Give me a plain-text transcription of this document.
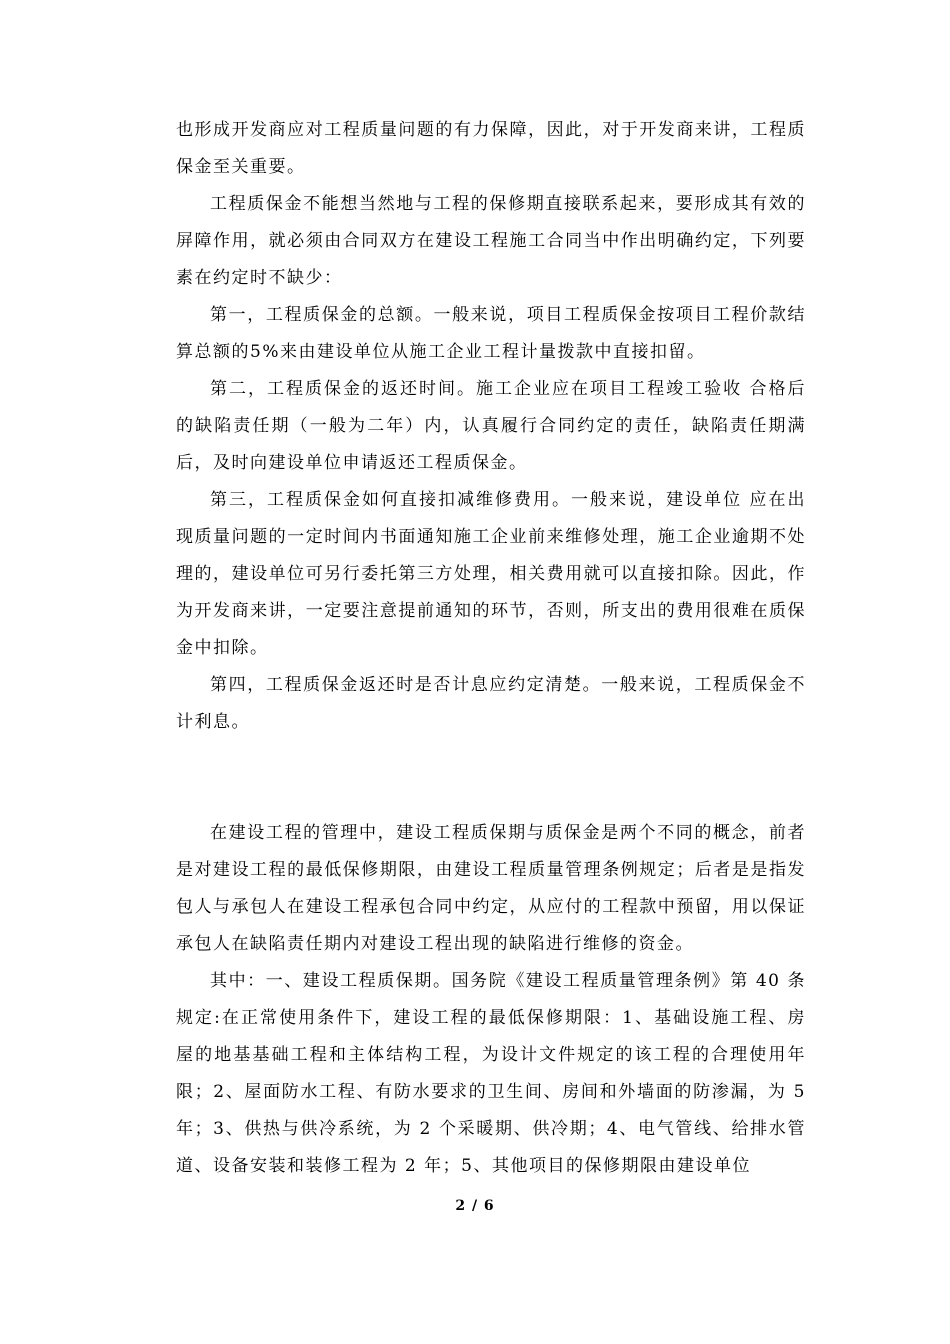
也形成开发商应对工程质量问题的有力保障，因此，对于开发商来讲，工程质保金至关重要。

工程质保金不能想当然地与工程的保修期直接联系起来，要形成其有效的屏障作用，就必须由合同双方在建设工程施工合同当中作出明确约定，下列要素在约定时不缺少：

第一，工程质保金的总额。一般来说，项目工程质保金按项目工程价款结算总额的5%来由建设单位从施工企业工程计量拨款中直接扣留。

第二，工程质保金的返还时间。施工企业应在项目工程竣工验收 合格后的缺陷责任期（一般为二年）内，认真履行合同约定的责任，缺陷责任期满后，及时向建设单位申请返还工程质保金。

第三，工程质保金如何直接扣减维修费用。一般来说，建设单位 应在出现质量问题的一定时间内书面通知施工企业前来维修处理，施工企业逾期不处理的，建设单位可另行委托第三方处理，相关费用就可以直接扣除。因此，作为开发商来讲，一定要注意提前通知的环节，否则，所支出的费用很难在质保金中扣除。

第四，工程质保金返还时是否计息应约定清楚。一般来说，工程质保金不计利息。

在建设工程的管理中，建设工程质保期与质保金是两个不同的概念，前者是对建设工程的最低保修期限，由建设工程质量管理条例规定；后者是是指发包人与承包人在建设工程承包合同中约定，从应付的工程款中预留，用以保证承包人在缺陷责任期内对建设工程出现的缺陷进行维修的资金。

其中：一、建设工程质保期。国务院《建设工程质量管理条例》第 40 条规定:在正常使用条件下，建设工程的最低保修期限：1、基础设施工程、房屋的地基基础工程和主体结构工程，为设计文件规定的该工程的合理使用年限；2、屋面防水工程、有防水要求的卫生间、房间和外墙面的防渗漏，为 5 年；3、供热与供冷系统，为 2 个采暖期、供冷期；4、电气管线、给排水管道、设备安装和装修工程为 2 年；5、其他项目的保修期限由建设单位

2 / 6
